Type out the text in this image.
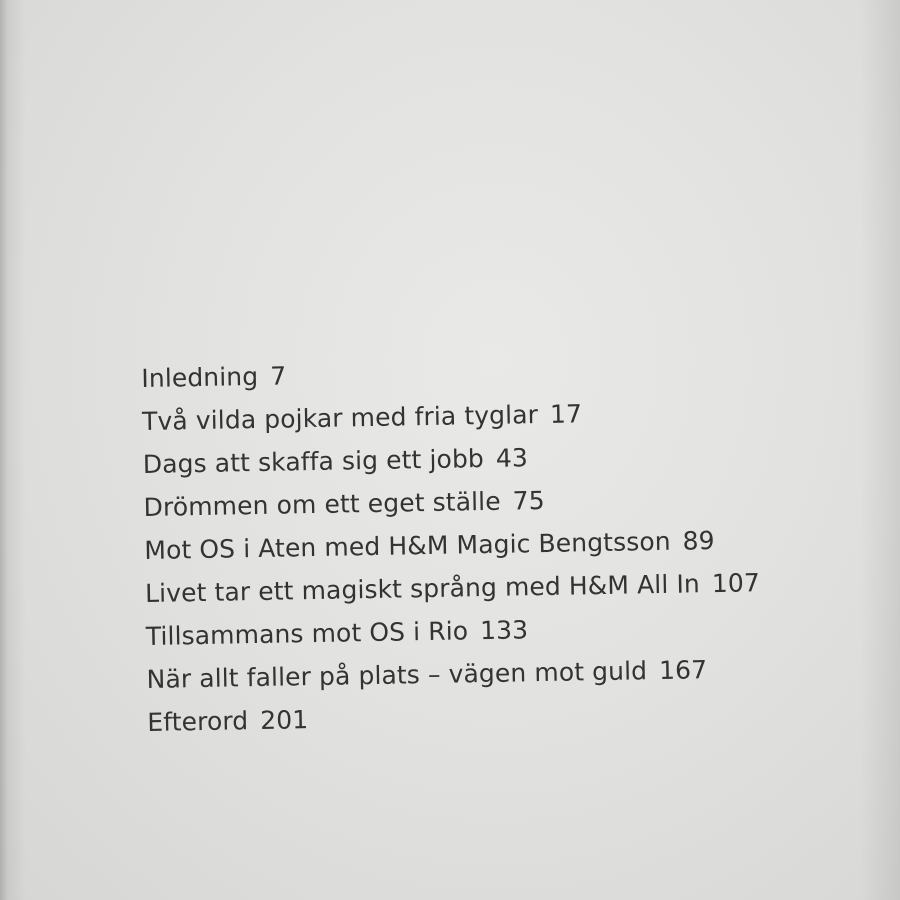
Inledning 7
Två vilda pojkar med fria tyglar 17
Dags att skaffa sig ett jobb 43
Drömmen om ett eget ställe 75
Mot OS i Aten med H&M Magic Bengtsson 89
Livet tar ett magiskt språng med H&M All In 107
Tillsammans mot OS i Rio 133
När allt faller på plats – vägen mot guld 167
Efterord 201
